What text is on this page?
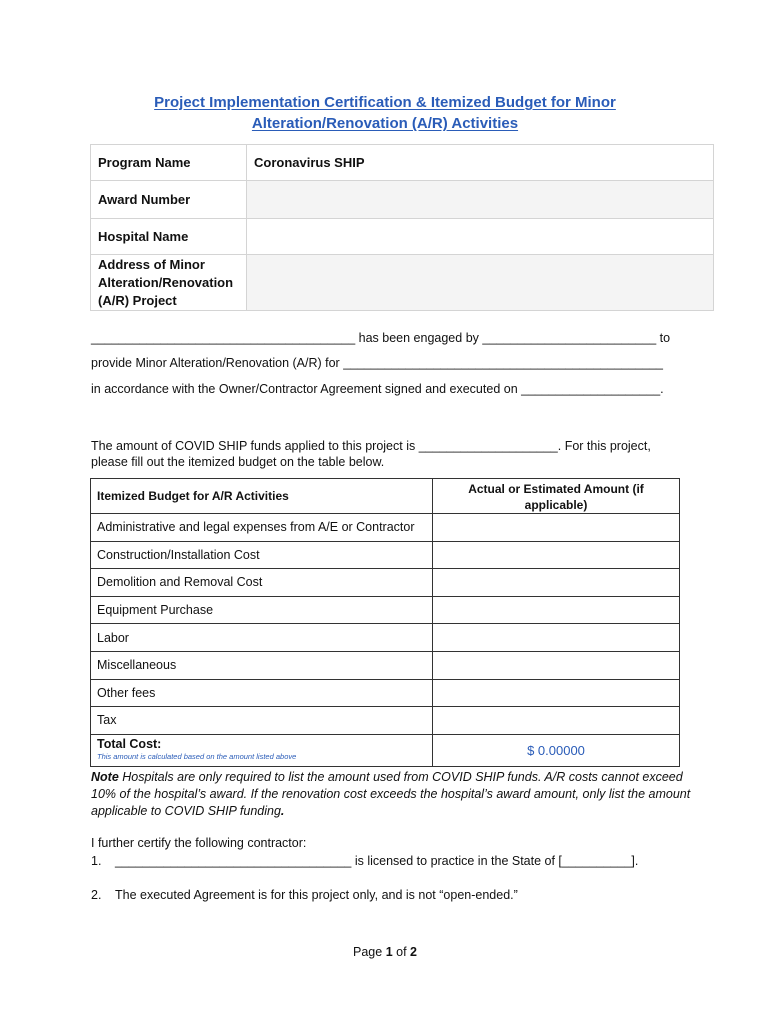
Project Implementation Certification & Itemized Budget for Minor
Alteration/Renovation (A/R) Activities
Program Name	Coronavirus SHIP
Award Number	
Hospital Name	

Address of Minor
Alteration/Renovation
(A/R) Project	

______________________________________ has been engaged by _________________________ to
provide Minor Alteration/Renovation (A/R) for ______________________________________________
in accordance with the Owner/Contractor Agreement signed and executed on ____________________.
The amount of COVID SHIP funds applied to this project is ____________________. For this project,
please fill out the itemized budget on the table below.
Itemized Budget for A/R Activities	Actual or Estimated Amount (if
applicable)

Administrative and legal expenses from A/E or Contractor	
Construction/Installation Cost	
Demolition and Removal Cost	
Equipment Purchase	
Labor	
Miscellaneous	
Other fees	
Tax	

Total Cost:
This amount is calculated based on the amount listed above	$ 0.00000
Note Hospitals are only required to list the amount used from COVID SHIP funds. A/R costs cannot exceed 10% of the hospital’s award. If the renovation cost exceeds the hospital’s award amount, only list the amount applicable to COVID SHIP funding.
I further certify the following contractor:
1. __________________________________ is licensed to practice in the State of [__________].
2. The executed Agreement is for this project only, and is not “open-ended.”
Page 1 of 2
